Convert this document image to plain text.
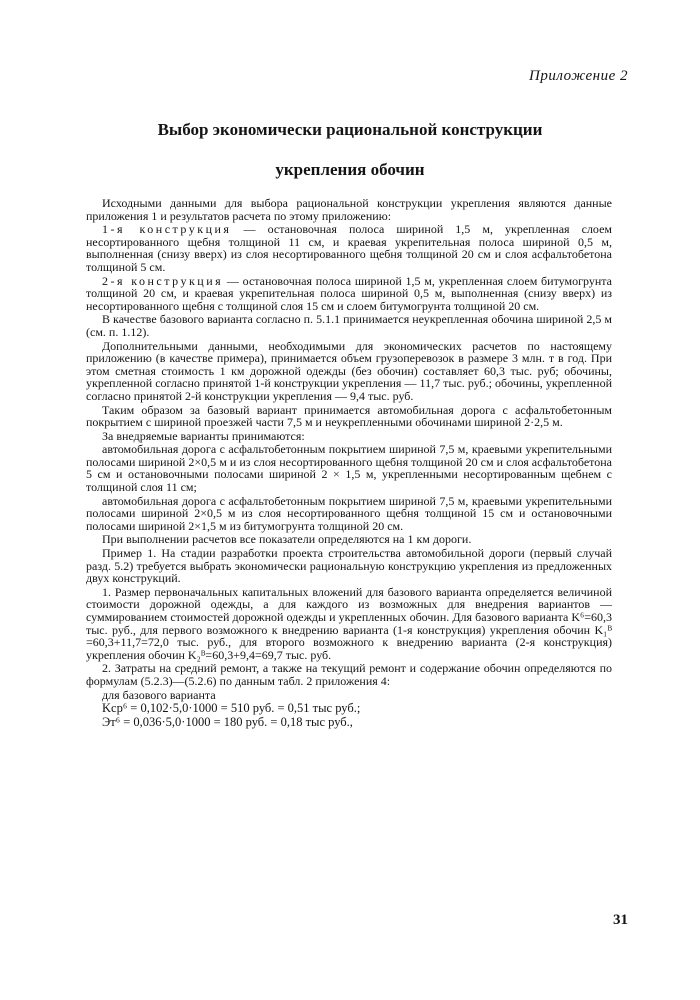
Приложение 2
Выбор экономически рациональной конструкции
укрепления обочин

Исходными данными для выбора рациональной конструкции укрепления являются данные приложения 1 и результатов расчета по этому приложению:

1-я конструкция — остановочная полоса шириной 1,5 м, укрепленная слоем несортированного щебня толщиной 11 см, и краевая укрепительная полоса шириной 0,5 м, выполненная (снизу вверх) из слоя несортированного щебня толщиной 20 см и слоя асфальтобетона толщиной 5 см.

2-я конструкция — остановочная полоса шириной 1,5 м, укрепленная слоем битумогрунта толщиной 20 см, и краевая укрепительная полоса шириной 0,5 м, выполненная (снизу вверх) из несортированного щебня с толщиной слоя 15 см и слоем битумогрунта толщиной 20 см.

В качестве базового варианта согласно п. 5.1.1 принимается неукрепленная обочина шириной 2,5 м (см. п. 1.12).

Дополнительными данными, необходимыми для экономических расчетов по настоящему приложению (в качестве примера), принимается объем грузоперевозок в размере 3 млн. т в год. При этом сметная стоимость 1 км дорожной одежды (без обочин) составляет 60,3 тыс. руб; обочины, укрепленной согласно принятой 1-й конструкции укрепления — 11,7 тыс. руб.; обочины, укрепленной согласно принятой 2-й конструкции укрепления — 9,4 тыс. руб.

Таким образом за базовый вариант принимается автомобильная дорога с асфальтобетонным покрытием с шириной проезжей части 7,5 м и неукрепленными обочинами шириной 2·2,5 м.

За внедряемые варианты принимаются:

автомобильная дорога с асфальтобетонным покрытием шириной 7,5 м, краевыми укрепительными полосами шириной 2×0,5 м и из слоя несортированного щебня толщиной 20 см и слоя асфальтобетона 5 см и остановочными полосами шириной 2 × 1,5 м, укрепленными несортированным щебнем с толщиной слоя 11 см;

автомобильная дорога с асфальтобетонным покрытием шириной 7,5 м, краевыми укрепительными полосами шириной 2×0,5 м из слоя несортированного щебня толщиной 15 см и остановочными полосами шириной 2×1,5 м из битумогрунта толщиной 20 см.

При выполнении расчетов все показатели определяются на 1 км дороги.

Пример 1. На стадии разработки проекта строительства автомобильной дороги (первый случай разд. 5.2) требуется выбрать экономически рациональную конструкцию укрепления из предложенных двух конструкций.

1. Размер первоначальных капитальных вложений для базового варианта определяется величиной стоимости дорожной одежды, а для каждого из возможных для внедрения вариантов — суммированием стоимостей дорожной одежды и укрепленных обочин. Для базового варианта K⁶=60,3 тыс. руб., для первого возможного к внедрению варианта (1-я конструкция) укрепления обочин K₁ᴮ =60,3+11,7=72,0 тыс. руб., для второго возможного к внедрению варианта (2-я конструкция) укрепления обочин K₂ᴮ=60,3+9,4=69,7 тыс. руб.

2. Затраты на средний ремонт, а также на текущий ремонт и содержание обочин определяются по формулам (5.2.3)—(5.2.6) по данным табл. 2 приложения 4:

для базового варианта

Kср⁶ = 0,102·5,0·1000 = 510 руб. = 0,51 тыс руб.;

Эт⁶ = 0,036·5,0·1000 = 180 руб. = 0,18 тыс руб.,

31
